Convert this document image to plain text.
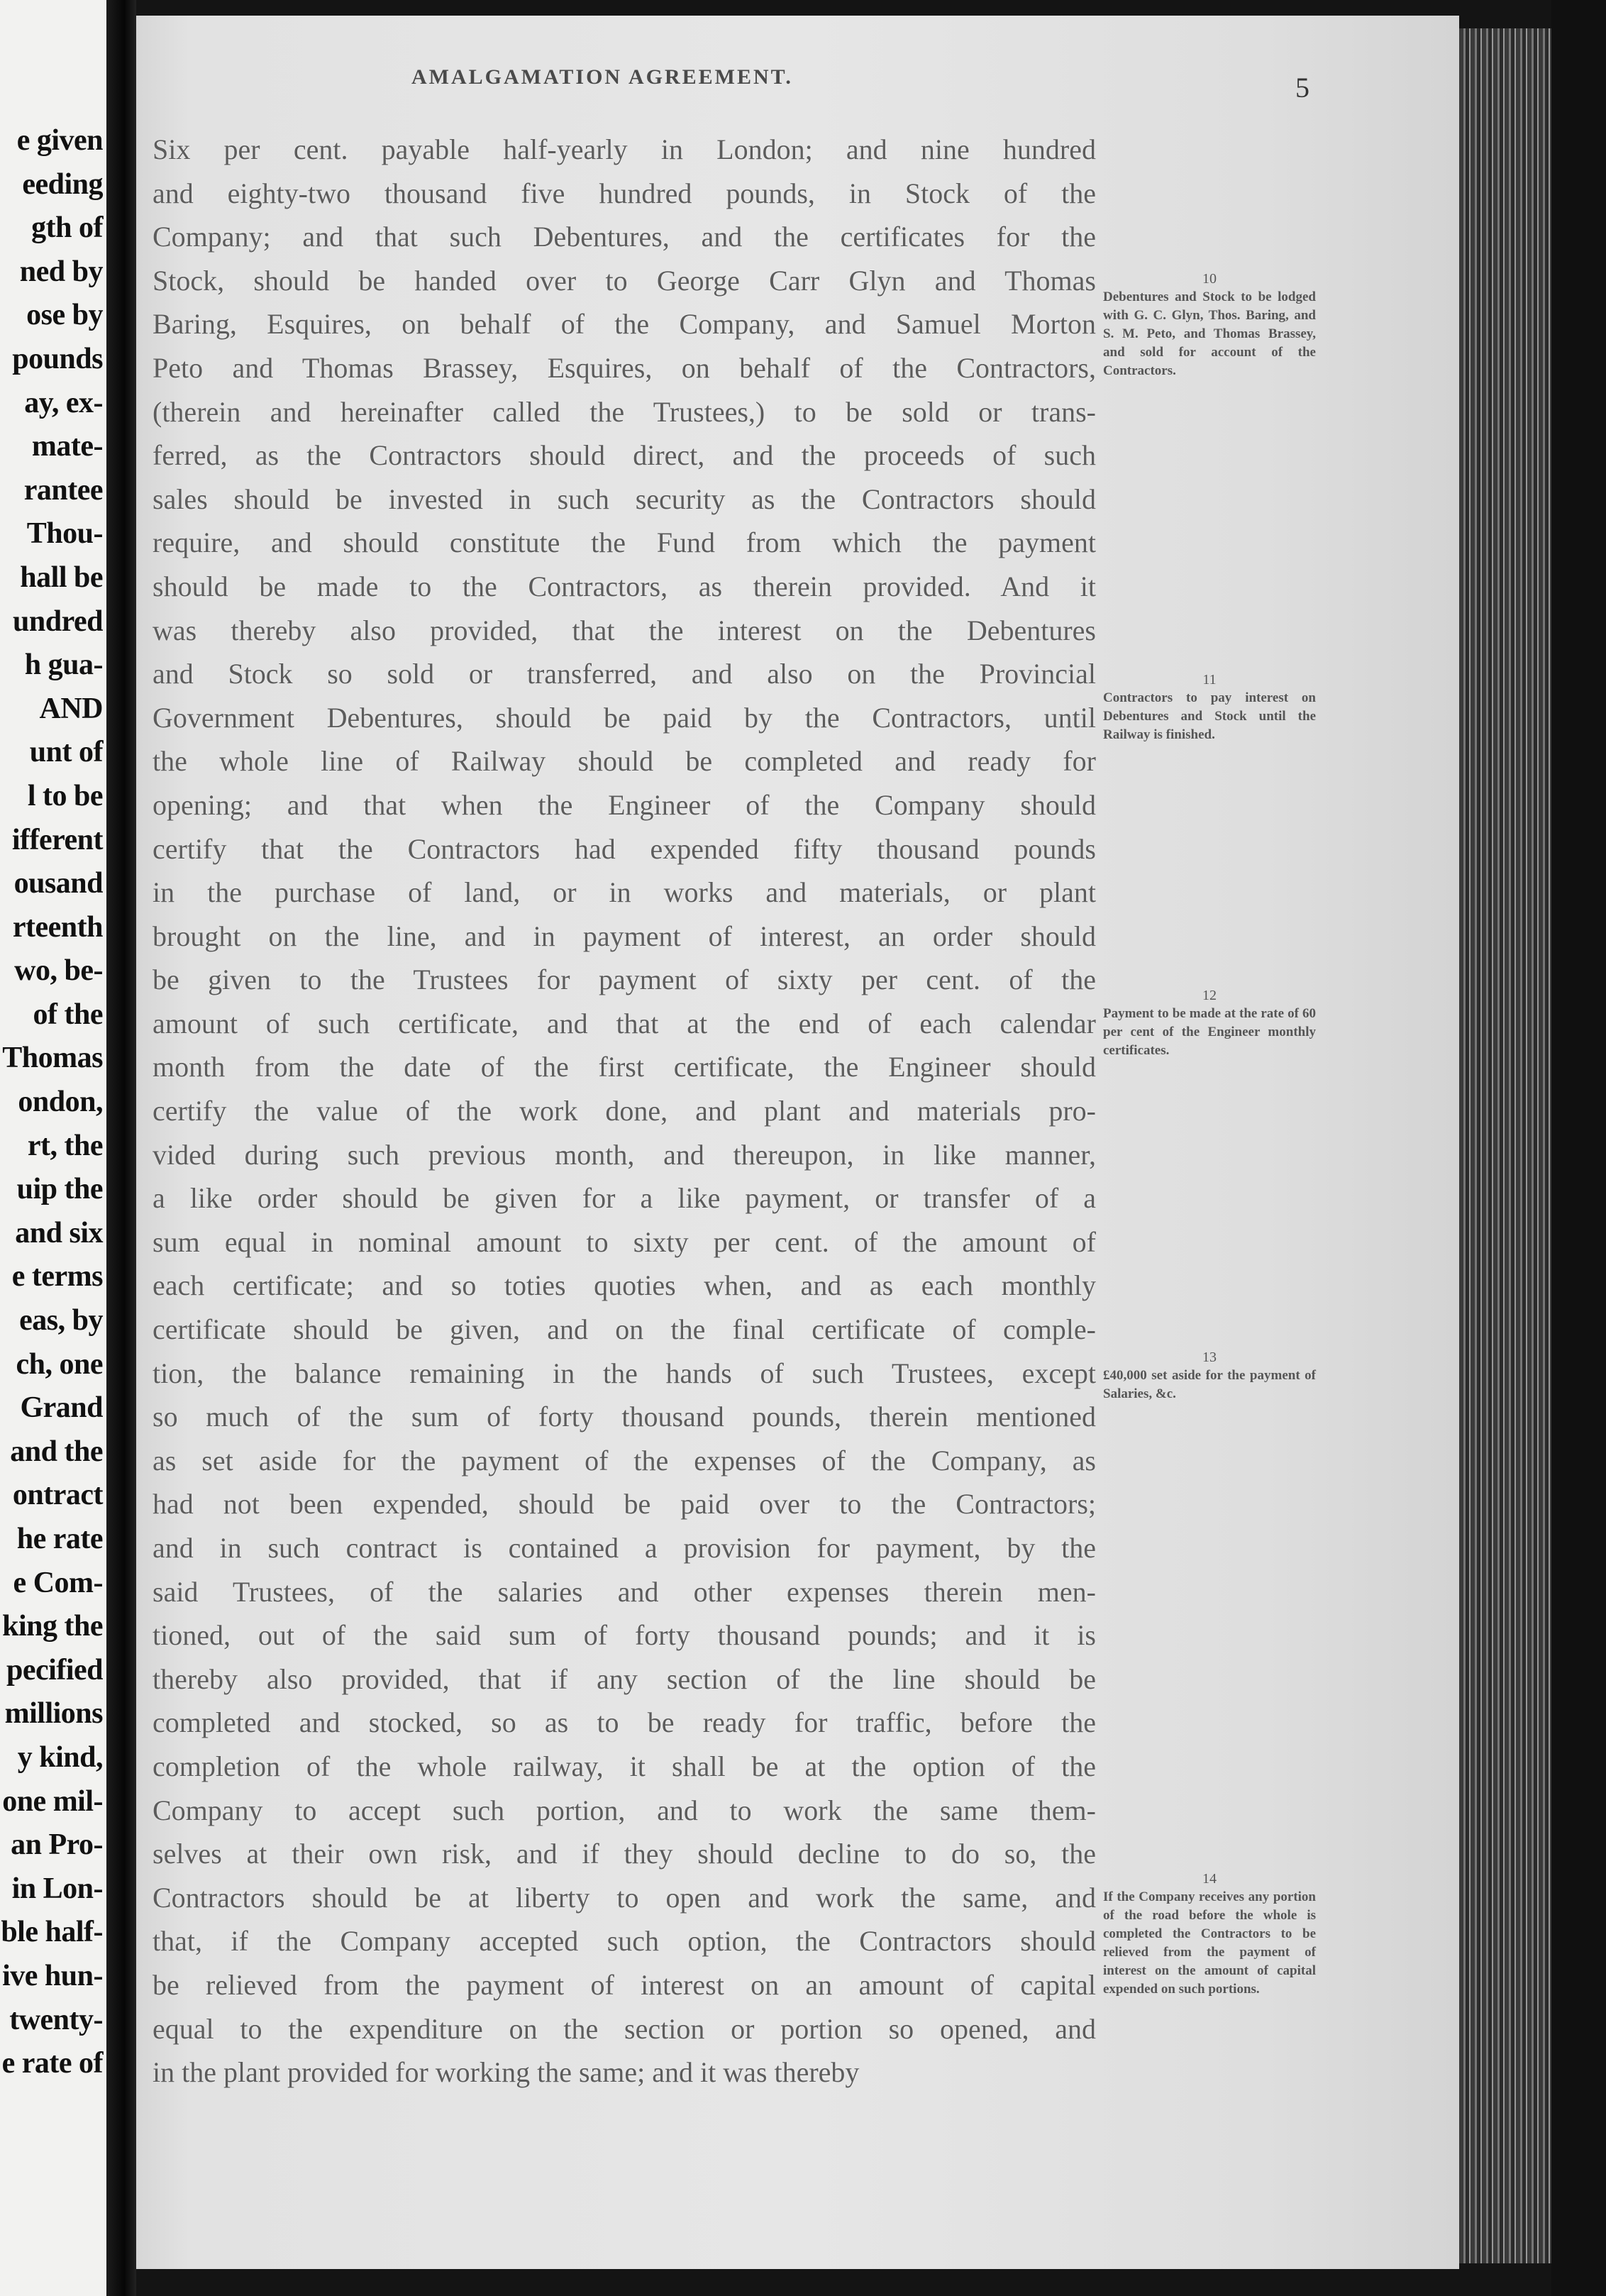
e given
eeding
gth of
ned by
ose by
pounds
ay, ex-
mate-
rantee
Thou-
hall be
undred
h gua-
AND
unt of
l to be
ifferent
ousand
rteenth
wo, be-
of the
Thomas
ondon,
rt, the
uip the
and six
e terms
eas, by
ch, one
Grand
and the
ontract
he rate
e Com-
king the
pecified
millions
y kind,
one mil-
an Pro-
in Lon-
ble half-
ive hun-
twenty-
e rate of
AMALGAMATION AGREEMENT.	5
Six per cent. payable half-yearly in London; and nine hundred
and eighty-two thousand five hundred pounds, in Stock of the
Company; and that such Debentures, and the certificates for the
Stock, should be handed over to George Carr Glyn and Thomas
Baring, Esquires, on behalf of the Company, and Samuel Morton
Peto and Thomas Brassey, Esquires, on behalf of the Contractors,
(therein and hereinafter called the Trustees,) to be sold or trans-
ferred, as the Contractors should direct, and the proceeds of such
sales should be invested in such security as the Contractors should
require, and should constitute the Fund from which the payment
should be made to the Contractors, as therein provided. And it
was thereby also provided, that the interest on the Debentures
and Stock so sold or transferred, and also on the Provincial
Government Debentures, should be paid by the Contractors, until
the whole line of Railway should be completed and ready for
opening; and that when the Engineer of the Company should
certify that the Contractors had expended fifty thousand pounds
in the purchase of land, or in works and materials, or plant
brought on the line, and in payment of interest, an order should
be given to the Trustees for payment of sixty per cent. of the
amount of such certificate, and that at the end of each calendar
month from the date of the first certificate, the Engineer should
certify the value of the work done, and plant and materials pro-
vided during such previous month, and thereupon, in like manner,
a like order should be given for a like payment, or transfer of a
sum equal in nominal amount to sixty per cent. of the amount of
each certificate; and so toties quoties when, and as each monthly
certificate should be given, and on the final certificate of comple-
tion, the balance remaining in the hands of such Trustees, except
so much of the sum of forty thousand pounds, therein mentioned
as set aside for the payment of the expenses of the Company, as
had not been expended, should be paid over to the Contractors;
and in such contract is contained a provision for payment, by the
said Trustees, of the salaries and other expenses therein men-
tioned, out of the said sum of forty thousand pounds; and it is
thereby also provided, that if any section of the line should be
completed and stocked, so as to be ready for traffic, before the
completion of the whole railway, it shall be at the option of the
Company to accept such portion, and to work the same them-
selves at their own risk, and if they should decline to do so, the
Contractors should be at liberty to open and work the same, and
that, if the Company accepted such option, the Contractors should
be relieved from the payment of interest on an amount of capital
equal to the expenditure on the section or portion so opened, and
in the plant provided for working the same; and it was thereby
10
Debentures and Stock to be lodged with G. C. Glyn, Thos. Baring, and S. M. Peto, and Thomas Brassey, and sold for account of the Contractors.
11
Contractors to pay interest on Debentures and Stock until the Railway is finished.
12
Payment to be made at the rate of 60 per cent of the Engineer monthly certificates.
13
£40,000 set aside for the payment of Salaries, &c.
14
If the Company receives any portion of the road before the whole is completed the Contractors to be relieved from the payment of interest on the amount of capital expended on such portions.
